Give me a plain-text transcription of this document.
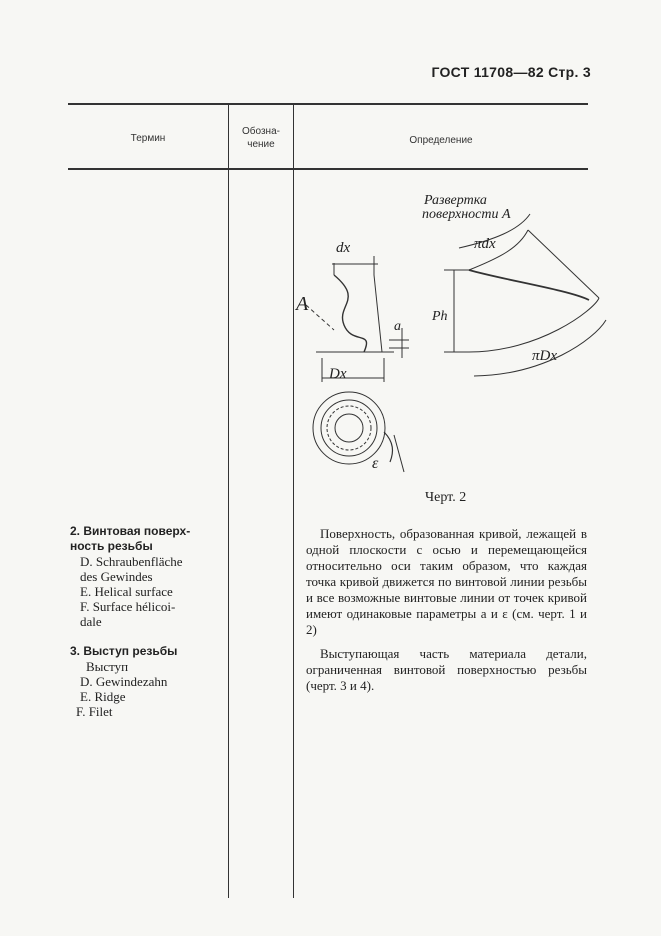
ГОСТ 11708—82 Стр. 3
Термин
Обозна-
чение	Определение
A
dx
a
Dx
Ph
πdx
πDx
ε
Развертка
поверхности А
Черт. 2
2. Винтовая поверх-
ность резьбы
D. Schraubenfläche
des Gewindes
E. Helical surface
F. Surface hélicoi-
dale
Поверхность, образованная кривой, лежащей в одной плоскости с осью и перемещающейся относительно оси таким образом, что каждая точка кривой движется по винтовой линии резьбы и все возможные винтовые линии от точек кривой имеют одинаковые параметры a и ε (см. черт. 1 и 2)
3. Выступ резьбы
Выступ
D. Gewindezahn
E. Ridge
F. Filet
Выступающая часть материала детали, ограниченная винтовой поверхностью резьбы (черт. 3 и 4).
